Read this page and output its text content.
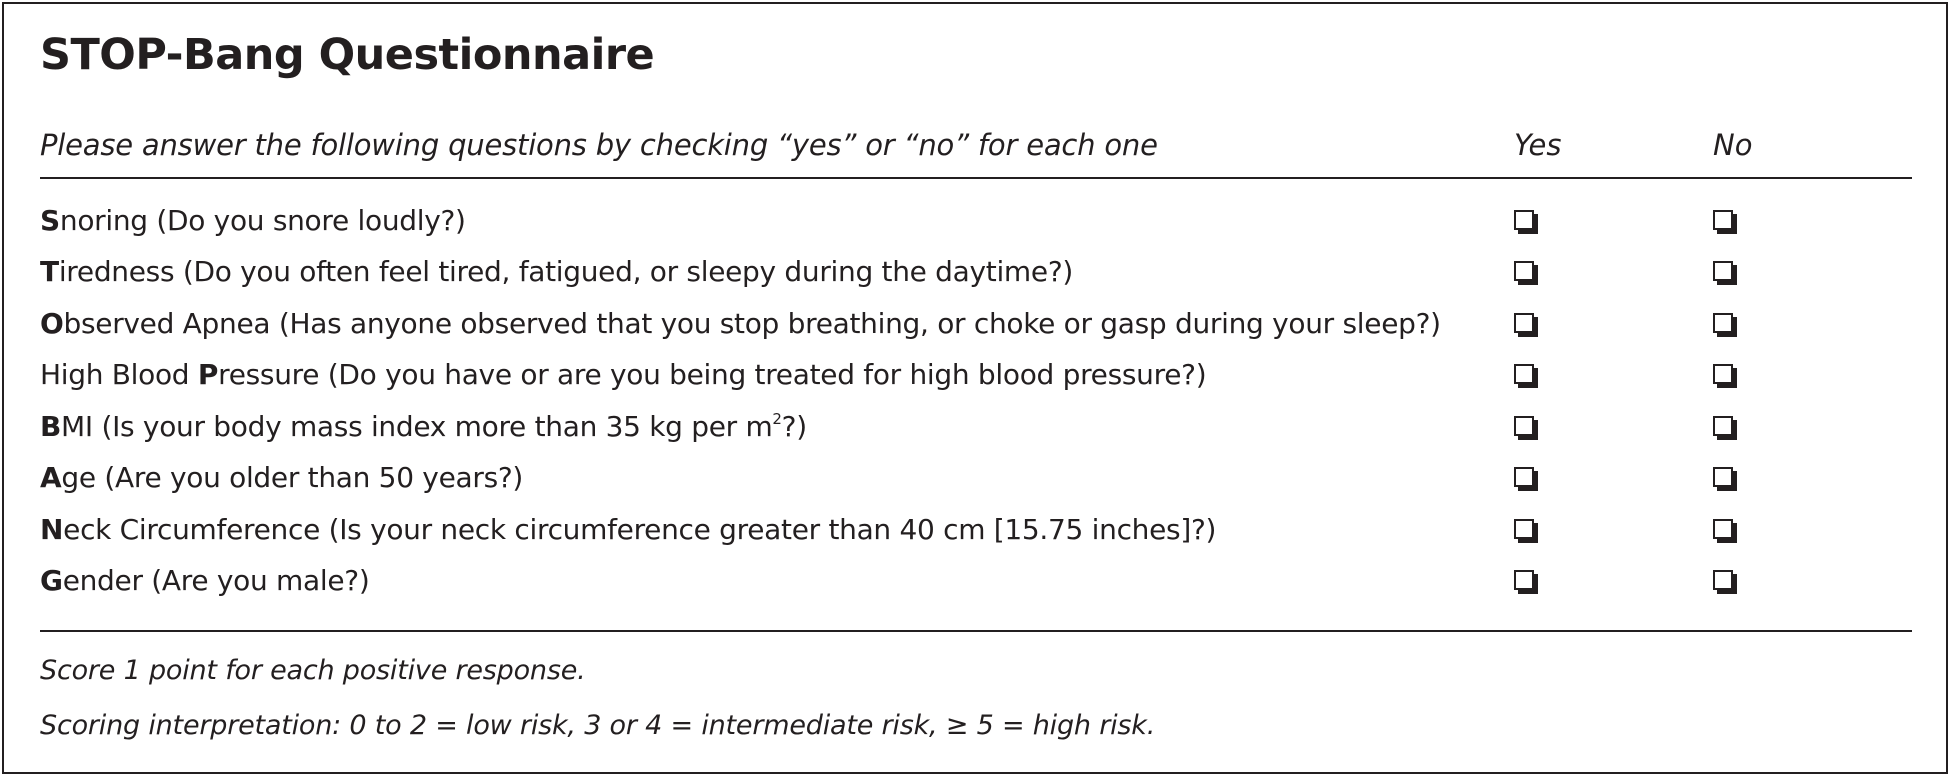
STOP-Bang Questionnaire
Please answer the following questions by checking “yes” or “no” for each one	Yes	No
Snoring (Do you snore loudly?)
Tiredness (Do you often feel tired, fatigued, or sleepy during the daytime?)
Observed Apnea (Has anyone observed that you stop breathing, or choke or gasp during your sleep?)
High Blood Pressure (Do you have or are you being treated for high blood pressure?)
BMI (Is your body mass index more than 35 kg per $m^2$?)
Age (Are you older than 50 years?)
Neck Circumference (Is your neck circumference greater than 40 cm [15.75 inches]?)
Gender (Are you male?)
Score 1 point for each positive response.
Scoring interpretation: 0 to 2 = low risk, 3 or 4 = intermediate risk, ≥ 5 = high risk.
